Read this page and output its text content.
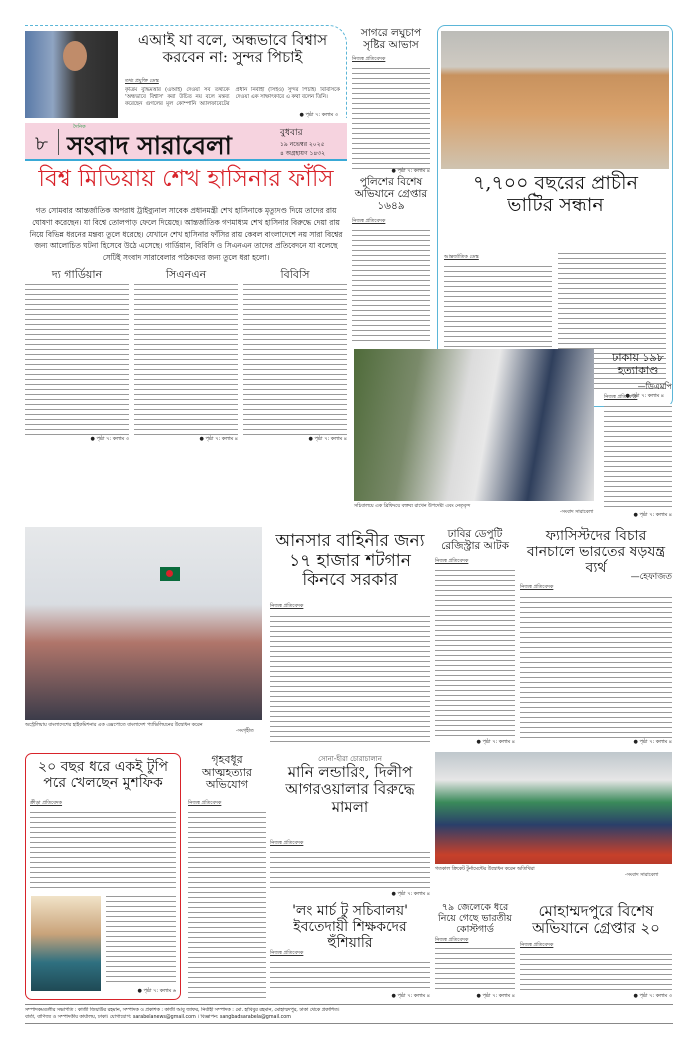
এআই যা বলে, অন্ধভাবে বিশ্বাস করবেন না: সুন্দর পিচাই
তথ্য প্রযুক্তি ডেস্ক
কৃত্রিম বুদ্ধিমত্তার (এআই) দেওয়া সব তথ্যকে 'অন্ধভাবে বিশ্বাস' করা উচিত নয় বলে মন্তব্য করেছেন গুগলের মূল কোম্পানি অ্যালফাবেটের প্রধান নির্বাহী (সিইও) সুন্দর পিচাই। বিবিসিকে দেওয়া এক সাক্ষাৎকারে এ কথা বলেন তিনি।
● পৃষ্ঠা ৭: কলাম ৩
সাগরে লঘুচাপ সৃষ্টির আভাস
নিজস্ব প্রতিবেদক
● পৃষ্ঠা ৭: কলাম ৪
৭,৭০০ বছরের প্রাচীন ভাটির সন্ধান
আন্তর্জাতিক ডেস্ক
● পৃষ্ঠা ৭: কলাম ৪
৮
দৈনিক
সংবাদ সারাবেলা	বুধবার
১৯ নভেম্বর ২০২৫
৪ অগ্রহায়ণ ১৪৩২
বিশ্ব মিডিয়ায় শেখ হাসিনার ফাঁসি
গত সোমবার আন্তর্জাতিক অপরাধ ট্রাইব্যুনাল সাবেক প্রধানমন্ত্রী শেখ হাসিনাকে মৃত্যুদণ্ড দিয়ে তাদের রায় ঘোষণা করেছেন। যা বিশ্বে তোলপাড় ফেলে দিয়েছে। আন্তর্জাতিক গণমাধ্যম শেখ হাসিনার বিরুদ্ধে দেয়া রায় নিয়ে বিভিন্ন ধরনের মন্তব্য তুলে ধরেছে। যেখানে শেখ হাসিনার ফাঁসির রায় কেবল বাংলাদেশে নয় সারা বিশ্বের জন্য আলোচিত ঘটনা হিসেবে উঠে এসেছে। গার্ডিয়ান, বিবিসি ও সিএনএন তাদের প্রতিবেদনে যা বলেছে সেটিই সংবাদ সারাবেলার পাঠকদের জন্য তুলে ধরা হলো।
দ্য গার্ডিয়ান	সিএনএন	বিবিসি
● পৃষ্ঠা ৭: কলাম ৩	● পৃষ্ঠা ৭: কলাম ৪	● পৃষ্ঠা ৭: কলাম ৪
পুলিশের বিশেষ অভিযানে গ্রেপ্তার ১৬৪৯
নিজস্ব প্রতিবেদক
সচিবালয়ে এক ব্রিফিংয়ে বক্তব্য রাখেন উপদেষ্টা এবং নেতৃবৃন্দ
-সংবাদ সারাবেলা
ঢাকায় ১৯৮ হত্যাকাণ্ড
—ডিএমপি
নিজস্ব প্রতিবেদক
● পৃষ্ঠা ৭: কলাম ৪
অস্ট্রেলিয়ায় বাংলাদেশের হাইকমিশনার এক এক্সপোতে বাংলাদেশ প্যাভিলিয়নের উদ্বোধন করেন
-সংগৃহীত
আনসার বাহিনীর জন্য ১৭ হাজার শটগান কিনবে সরকার
নিজস্ব প্রতিবেদক
ঢাবির ডেপুটি রেজিস্ট্রার আটক
নিজস্ব প্রতিবেদক
● পৃষ্ঠা ৭: কলাম ৪
ফ্যাসিস্টদের বিচার বানচালে ভারতের ষড়যন্ত্র ব্যর্থ
—হেফাজত
নিজস্ব প্রতিবেদক
● পৃষ্ঠা ৭: কলাম ৪
২০ বছর ধরে একই টুপি পরে খেলছেন মুশফিক
ক্রীড়া প্রতিবেদক
● পৃষ্ঠা ৭: কলাম ৬
গৃহবধূর আত্মহত্যার অভিযোগ
নিজস্ব প্রতিবেদক
সোনা-হীরা চোরাচালান
মানি লন্ডারিং, দিলীপ আগরওয়ালার বিরুদ্ধে মামলা
নিজস্ব প্রতিবেদক
● পৃষ্ঠা ৭: কলাম ৪
'লং মার্চ টু সচিবালয়' ইবতেদায়ী শিক্ষকদের হুঁশিয়ারি
নিজস্ব প্রতিবেদক
● পৃষ্ঠা ৭: কলাম ৪
গতকাল ক্রিকেট টুর্নামেন্টের উদ্বোধন করেন অতিথিরা
-সংবাদ সারাবেলা
৭৯ জেলেকে ধরে নিয়ে গেছে ভারতীয় কোস্টগার্ড
নিজস্ব প্রতিবেদক
● পৃষ্ঠা ৭: কলাম ৪
মোহাম্মদপুরে বিশেষ অভিযানে গ্রেপ্তার ২০
নিজস্ব প্রতিবেদক
● পৃষ্ঠা ৭: কলাম ৩
সম্পাদকমণ্ডলীর সভাপতি : কাজী জিয়াউর রহমান, সম্পাদক ও প্রকাশক : কাজী আবু জাফর, নির্বাহী সম্পাদক : মো. হাবিবুর রহমান, মোহাম্মদপুর, ঢাকা থেকে প্রকাশিত।
বার্তা, বাণিজ্য ও সম্পাদকীয় কার্যালয়, ঢাকা। যোগাযোগ: sarabelanews@gmail.com । বিজ্ঞাপন: sangbadsarabela@gmail.com
